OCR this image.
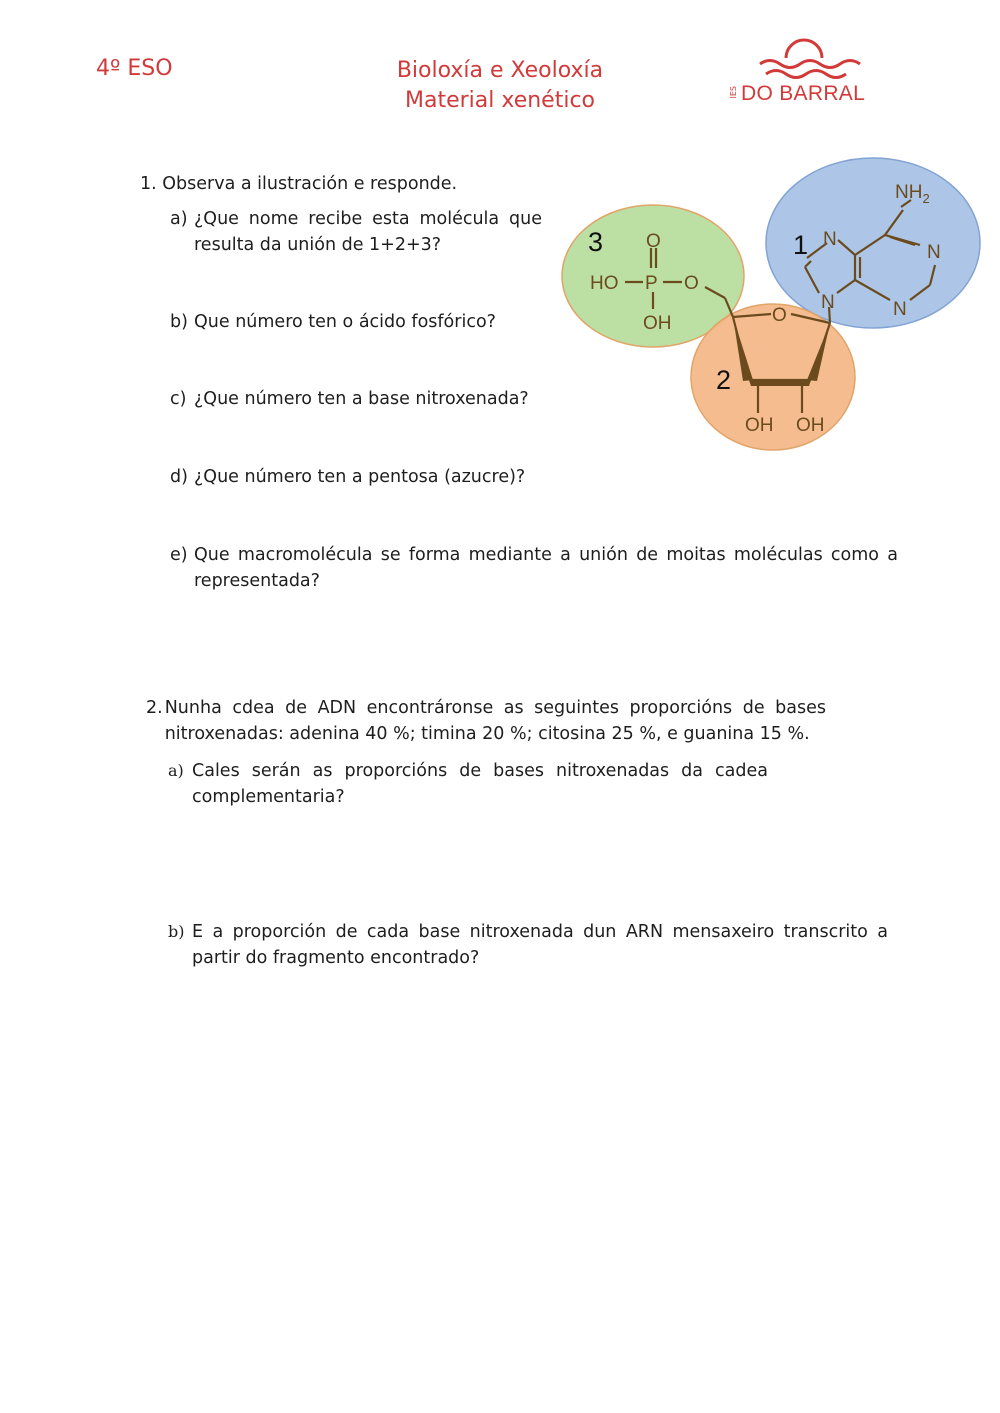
4º ESO	Bioloxía e Xeoloxía
Material xenético	IES DO BARRAL
1. Observa a ilustración e responde.
a) ¿Que nome recibe esta molécula que resulta da unión de 1+2+3?
b) Que número ten o ácido fosfórico?
c) ¿Que número ten a base nitroxenada?
d) ¿Que número ten a pentosa (azucre)?
e) Que macromolécula se forma mediante a unión de moitas moléculas como a representada?
3	1
2
O
HO P O
OH	O
OH OH
N
N
N
N
$NH_2$
2. Nunha cdea de ADN encontráronse as seguintes proporcións de bases nitroxenadas: adenina 40 %; timina 20 %; citosina 25 %, e guanina 15 %.
a) Cales serán as proporcións de bases nitroxenadas da cadea complementaria?
b) E a proporción de cada base nitroxenada dun ARN mensaxeiro transcrito a partir do fragmento encontrado?
